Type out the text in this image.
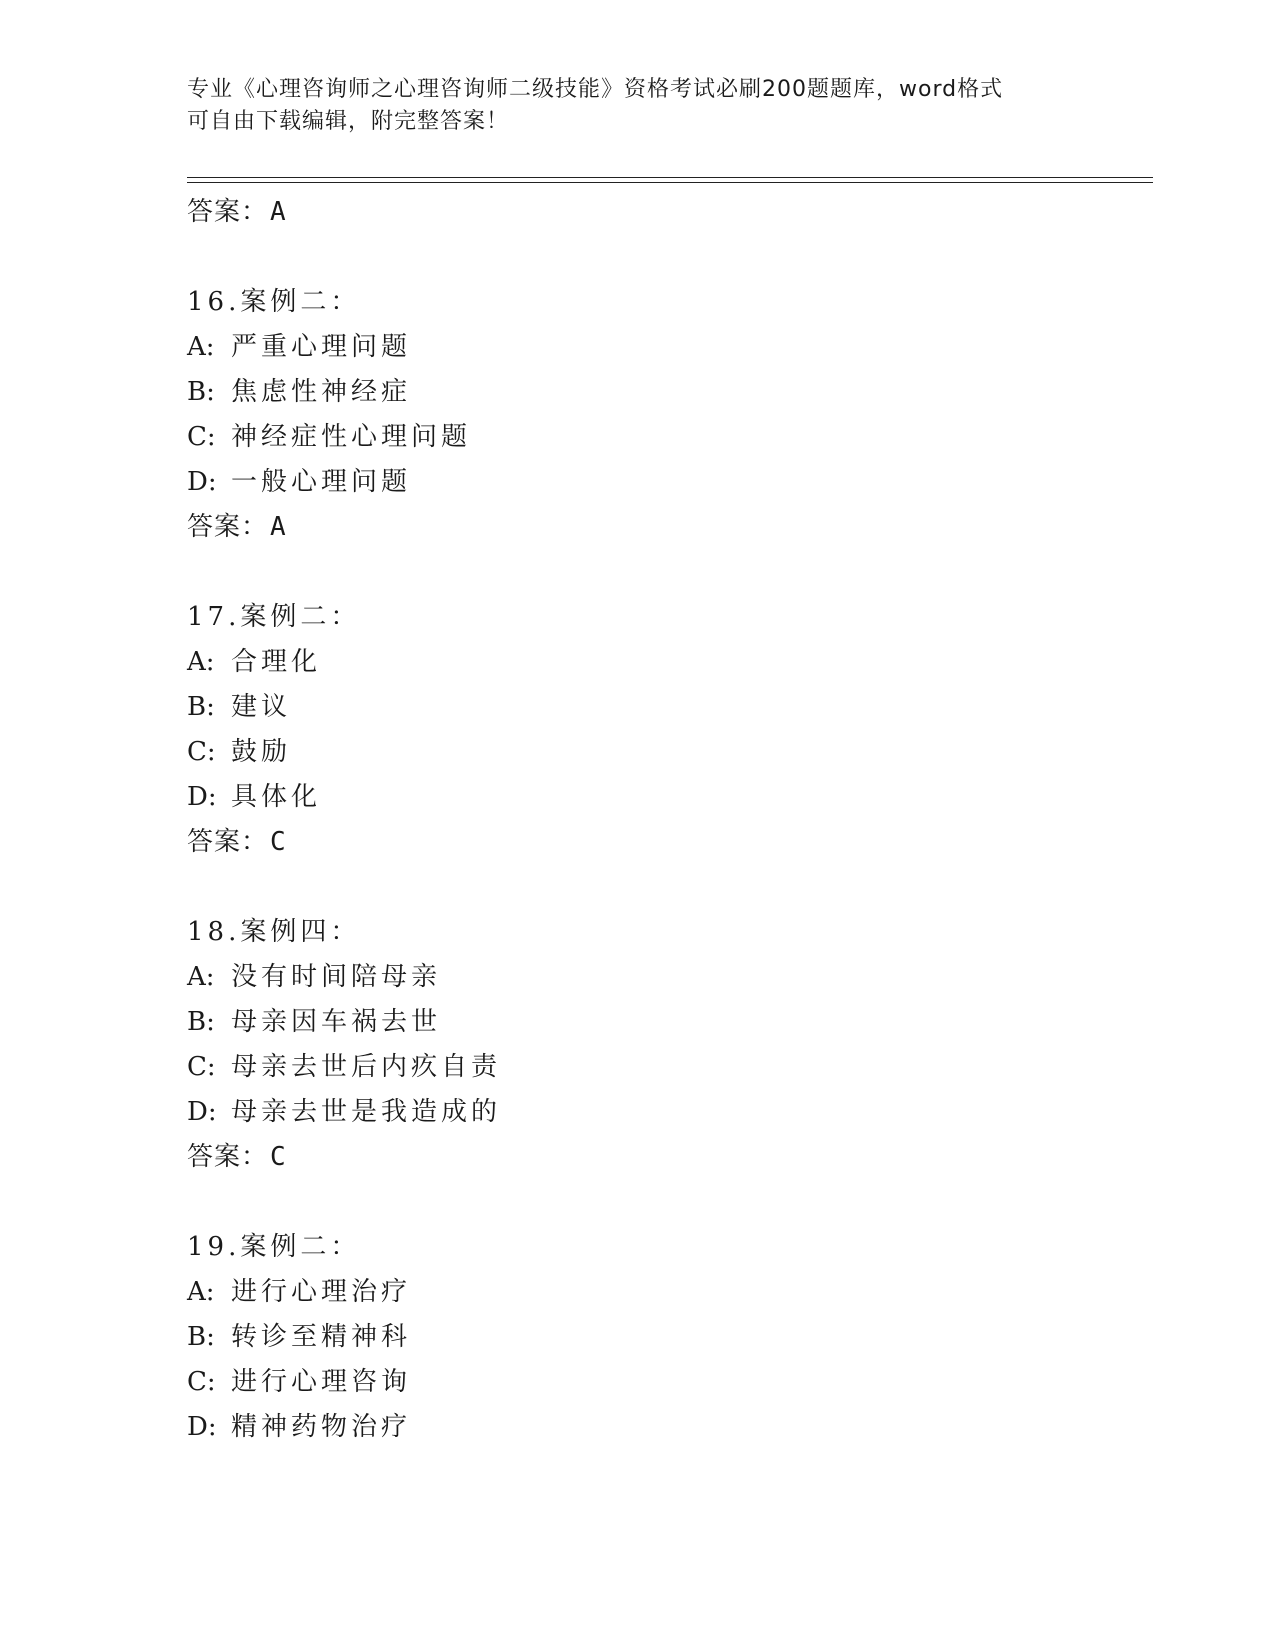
专业《心理咨询师之心理咨询师二级技能》资格考试必刷200题题库，word格式
可自由下载编辑，附完整答案！
答案：A
16.案例二：
A: 严重心理问题
B: 焦虑性神经症
C: 神经症性心理问题
D: 一般心理问题
答案：A
17.案例二：
A: 合理化
B: 建议
C: 鼓励
D: 具体化
答案：C
18.案例四：
A: 没有时间陪母亲
B: 母亲因车祸去世
C: 母亲去世后内疚自责
D: 母亲去世是我造成的
答案：C
19.案例二：
A: 进行心理治疗
B: 转诊至精神科
C: 进行心理咨询
D: 精神药物治疗
